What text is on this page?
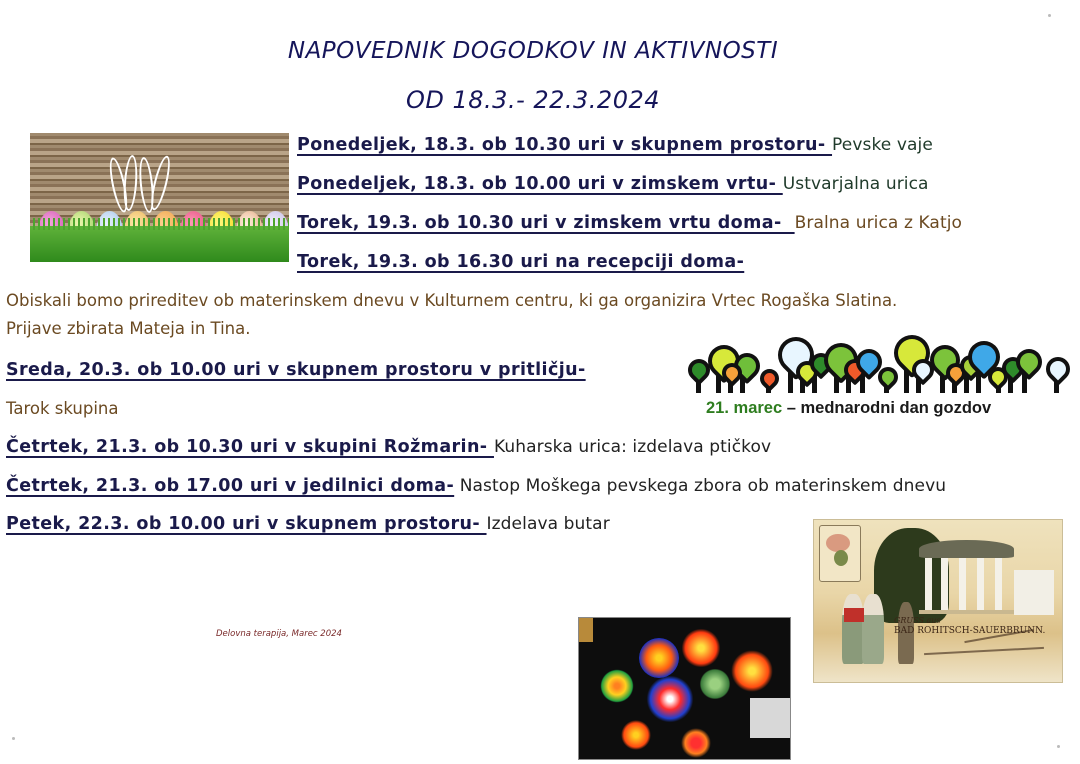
NAPOVEDNIK DOGODKOV IN AKTIVNOSTI
OD 18.3.- 22.3.2024
Ponedeljek, 18.3. ob 10.30 uri v skupnem prostoru- Pevske vaje
Ponedeljek, 18.3. ob 10.00 uri v zimskem vrtu- Ustvarjalna urica
Torek, 19.3. ob 10.30 uri v zimskem vrtu doma-  Bralna urica z Katjo
Torek, 19.3. ob 16.30 uri na recepciji doma-
Obiskali bomo prireditev ob materinskem dnevu v Kulturnem centru, ki ga organizira Vrtec Rogaška Slatina.
Prijave zbirata Mateja in Tina.
Sreda, 20.3. ob 10.00 uri v skupnem prostoru v pritličju-
Tarok skupina
Četrtek, 21.3. ob 10.30 uri v skupini Rožmarin- Kuharska urica: izdelava ptičkov
Četrtek, 21.3. ob 17.00 uri v jedilnici doma- Nastop Moškega pevskega zbora ob materinskem dnevu
Petek, 22.3. ob 10.00 uri v skupnem prostoru- Izdelava butar
21. marec – mednarodni dan gozdov
GRUSS aus
BAD ROHITSCH-SAUERBRUNN.
Delovna terapija, Marec 2024
